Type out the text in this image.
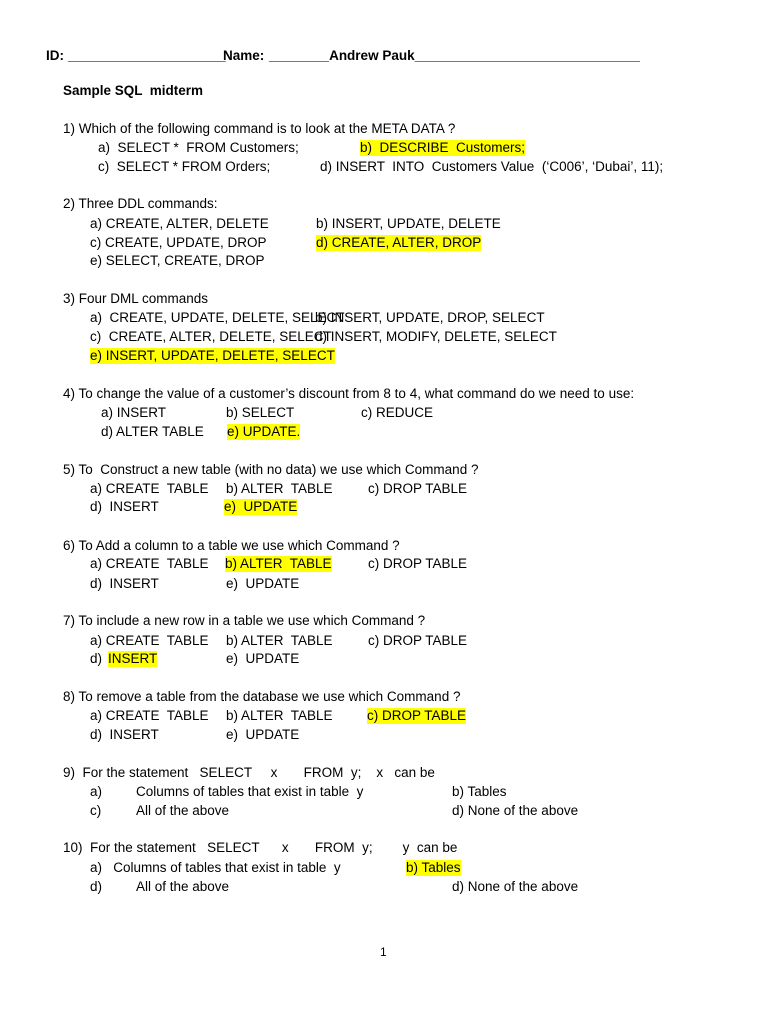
ID: _____________________
Name: ________Andrew Pauk______________________________
Sample SQL  midterm
1) Which of the following command is to look at the META DATA ?
a)  SELECT *  FROM Customers;	b)  DESCRIBE  Customers;
c)  SELECT * FROM Orders;	d) INSERT  INTO  Customers Value  (‘C006’, ‘Dubai’, 11);
2) Three DDL commands:
a) CREATE, ALTER, DELETE	b) INSERT, UPDATE, DELETE
c) CREATE, UPDATE, DROP	d) CREATE, ALTER, DROP
e) SELECT, CREATE, DROP
3) Four DML commands
a)  CREATE, UPDATE, DELETE, SELECT
b) INSERT, UPDATE, DROP, SELECT
c)  CREATE, ALTER, DELETE, SELECT
d) INSERT, MODIFY, DELETE, SELECT
e) INSERT, UPDATE, DELETE, SELECT
4) To change the value of a customer’s discount from 8 to 4, what command do we need to use:
a) INSERT	b) SELECT	c) REDUCE
d) ALTER TABLE e) UPDATE.
5) To  Construct a new table (with no data) we use which Command ?
a) CREATE  TABLE b) ALTER  TABLE	c) DROP TABLE
d)  INSERT	e)  UPDATE
6) To Add a column to a table we use which Command ?
a) CREATE  TABLE b) ALTER  TABLE	c) DROP TABLE
d)  INSERT	e)  UPDATE
7) To include a new row in a table we use which Command ?
a) CREATE  TABLE b) ALTER  TABLE	c) DROP TABLE
d) INSERT	e)  UPDATE
8) To remove a table from the database we use which Command ?
a) CREATE  TABLE b) ALTER  TABLE	c) DROP TABLE
d)  INSERT	e)  UPDATE
9)  For the statement   SELECT     x       FROM  y;    x   can be
a)	Columns of tables that exist in table  y	b) Tables
c)	All of the above	d) None of the above
10)  For the statement   SELECT      x       FROM  y;        y  can be
a)   Columns of tables that exist in table  y	b) Tables
d)	All of the above	d) None of the above
1
